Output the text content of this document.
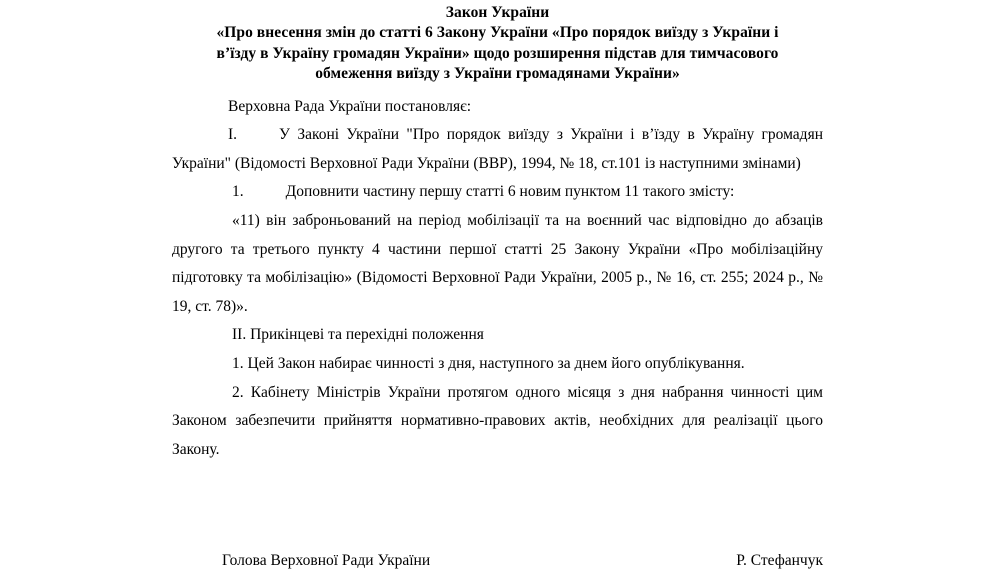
Закон України
«Про внесення змін до статті 6 Закону України «Про порядок виїзду з України і
в’їзду в Україну громадян України» щодо розширення підстав для тимчасового
обмеження виїзду з України громадянами України»

Верховна Рада України постановляє:

I.	У Законі України "Про порядок виїзду з України і в’їзду в Україну громадян України" (Відомості Верховної Ради України (ВВР), 1994, № 18, ст.101 із наступними змінами)

1.	Доповнити частину першу статті 6 новим пунктом 11 такого змісту:

«11) він заброньований на період мобілізації та на воєнний час відповідно до абзаців другого та третього пункту 4 частини першої статті 25 Закону України «Про мобілізаційну підготовку та мобілізацію» (Відомості Верховної Ради України, 2005 р., № 16, ст. 255; 2024 р., № 19, ст. 78)».

II. Прикінцеві та перехідні положення

1. Цей Закон набирає чинності з дня, наступного за днем його опублікування.

2. Кабінету Міністрів України протягом одного місяця з дня набрання чинності цим Законом забезпечити прийняття нормативно-правових актів, необхідних для реалізації цього Закону.

Голова Верховної Ради України	Р. Стефанчук
